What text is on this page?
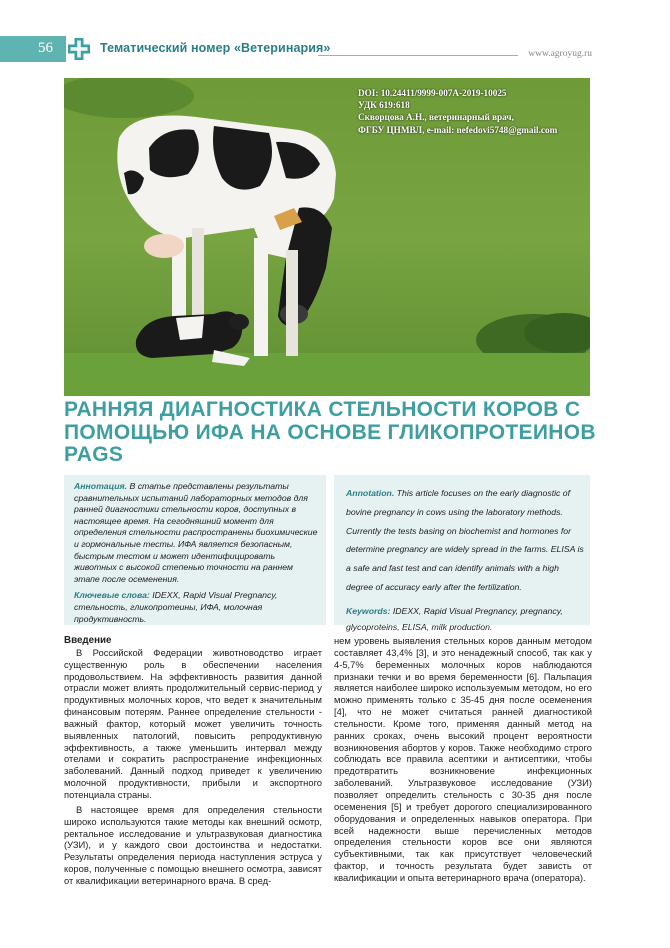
56	Тематический номер «Ветеринария»	www.agroyug.ru
DOI: 10.24411/9999-007A-2019-10025
УДК 619:618
Скворцова А.Н., ветеринарный врач,
ФГБУ ЦНМВЛ, e-mail: nefedovi5748@gmail.com
РАННЯЯ ДИАГНОСТИКА СТЕЛЬНОСТИ КОРОВ С ПОМОЩЬЮ ИФА НА ОСНОВЕ ГЛИКОПРОТЕИНОВ PAGS

Аннотация. В статье представлены результаты сравнительных испытаний лабораторных методов для ранней диагностики стельности коров, доступных в настоящее время. На сегодняшний момент для определения стельности распространены биохимические и гормональные тесты. ИФА является безопасным, быстрым тестом и может идентифицировать животных с высокой степенью точности на раннем этапе после осеменения.

Ключевые слова: IDEXX, Rapid Visual Pregnancy, стельность, гликопротеины, ИФА, молочная продуктивность.

Annotation. This article focuses on the early diagnostic of bovine pregnancy in cows using the laboratory methods. Currently the tests basing on biochemist and hormones for determine pregnancy are widely spread in the farms. ELISA is a safe and fast test and can identify animals with a high degree of accuracy early after the fertilization.

Keywords: IDEXX, Rapid Visual Pregnancy, pregnancy, glycoproteins, ELISA, milk production.

Введение

В Российской Федерации животноводство играет существенную роль в обеспечении населения продовольствием. На эффективность развития данной отрасли может влиять продолжительный сервис-период у продуктивных молочных коров, что ведет к значительным финансовым потерям. Раннее определение стельности - важный фактор, который может увеличить точность выявленных патологий, повысить репродуктивную эффективность, а также уменьшить интервал между отелами и сократить распространение инфекционных заболеваний. Данный подход приведет к увеличению молочной продуктивности, прибыли и экспортного потенциала страны.

В настоящее время для определения стельности широко используются такие методы как внешний осмотр, ректальное исследование и ультразвуковая диагностика (УЗИ), и у каждого свои достоинства и недостатки. Результаты определения периода наступления эструса у коров, полученные с помощью внешнего осмотра, зависят от квалификации ветеринарного врача. В сред-

нем уровень выявления стельных коров данным методом составляет 43,4% [3], и это ненадежный способ, так как у 4-5,7% беременных молочных коров наблюдаются признаки течки и во время беременности [6]. Пальпация является наиболее широко используемым методом, но его можно применять только с 35-45 дня после осеменения [4], что не может считаться ранней диагностикой стельности. Кроме того, применяя данный метод на ранних сроках, очень высокий процент вероятности возникновения абортов у коров. Также необходимо строго соблюдать все правила асептики и антисептики, чтобы предотвратить возникновение инфекционных заболеваний. Ультразвуковое исследование (УЗИ) позволяет определить стельность с 30-35 дня после осеменения [5] и требует дорогого специализированного оборудования и определенных навыков оператора. При всей надежности выше перечисленных методов определения стельности коров все они являются субъективными, так как присутствует человеческий фактор, и точность результата будет зависть от квалификации и опыта ветеринарного врача (оператора).
